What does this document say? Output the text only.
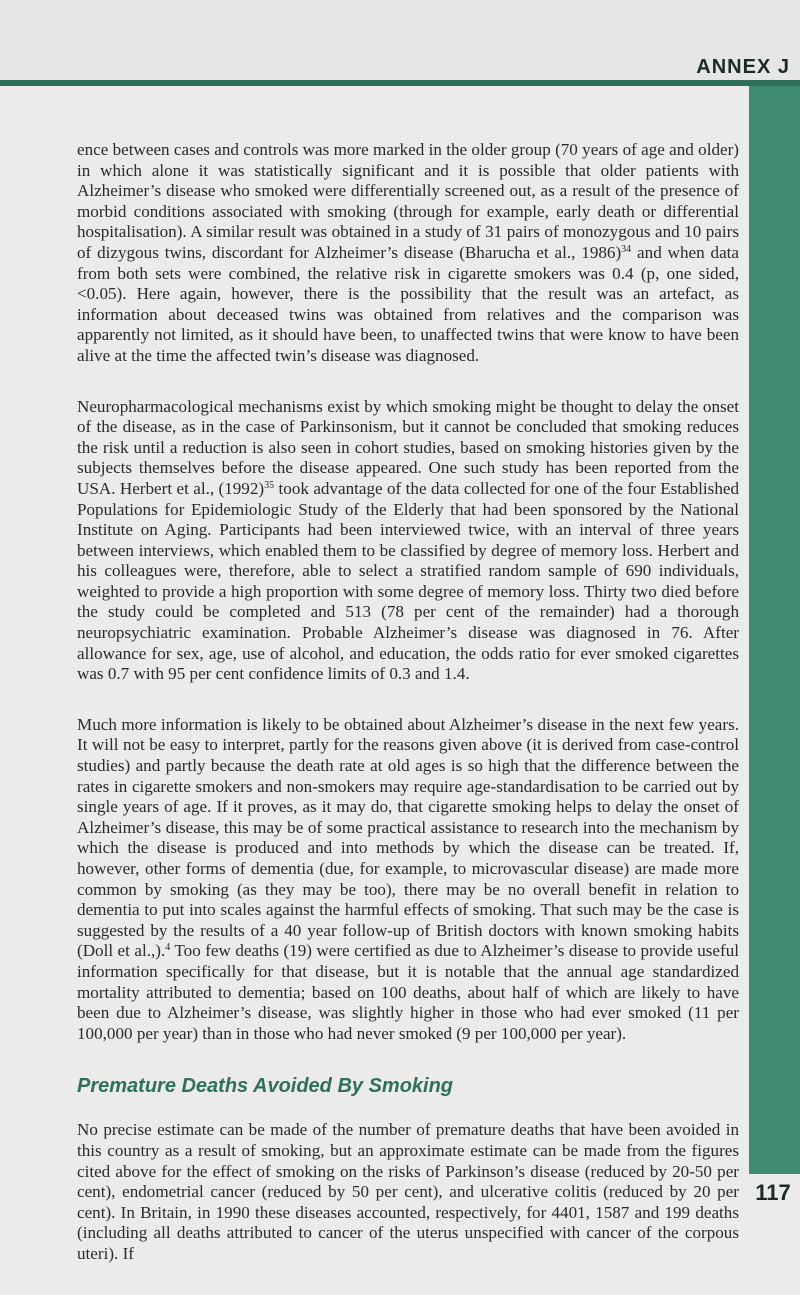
ANNEX J

ence between cases and controls was more marked in the older group (70 years of age and older) in which alone it was statistically significant and it is possible that older patients with Alzheimer’s disease who smoked were differentially screened out, as a result of the presence of morbid conditions associated with smoking (through for example, early death or differential hospitalisation). A similar result was obtained in a study of 31 pairs of monozygous and 10 pairs of dizygous twins, discordant for Alzheimer’s disease (Bharucha et al., 1986)$^{34}$ and when data from both sets were combined, the relative risk in cigarette smokers was 0.4 (p, one sided, <0.05). Here again, however, there is the possibility that the result was an artefact, as information about deceased twins was obtained from relatives and the comparison was apparently not limited, as it should have been, to unaffected twins that were know to have been alive at the time the affected twin’s disease was diagnosed.

Neuropharmacological mechanisms exist by which smoking might be thought to delay the onset of the disease, as in the case of Parkinsonism, but it cannot be concluded that smoking reduces the risk until a reduction is also seen in cohort studies, based on smoking histories given by the subjects themselves before the disease appeared. One such study has been reported from the USA. Herbert et al., $(1992)^{35}$ took advantage of the data collected for one of the four Established Populations for Epidemiologic Study of the Elderly that had been sponsored by the National Institute on Aging. Participants had been interviewed twice, with an interval of three years between interviews, which enabled them to be classified by degree of memory loss. Herbert and his colleagues were, therefore, able to select a stratified random sample of 690 individuals, weighted to provide a high proportion with some degree of memory loss. Thirty two died before the study could be completed and 513 (78 per cent of the remainder) had a thorough neuropsychiatric examination. Probable Alzheimer’s disease was diagnosed in 76. After allowance for sex, age, use of alcohol, and education, the odds ratio for ever smoked cigarettes was 0.7 with 95 per cent confidence limits of 0.3 and 1.4.

Much more information is likely to be obtained about Alzheimer’s disease in the next few years. It will not be easy to interpret, partly for the reasons given above (it is derived from case-control studies) and partly because the death rate at old ages is so high that the difference between the rates in cigarette smokers and non-smokers may require age-standardisation to be carried out by single years of age. If it proves, as it may do, that cigarette smoking helps to delay the onset of Alzheimer’s disease, this may be of some practical assistance to research into the mechanism by which the disease is produced and into methods by which the disease can be treated. If, however, other forms of dementia (due, for example, to microvascular disease) are made more common by smoking (as they may be too), there may be no overall benefit in relation to dementia to put into scales against the harmful effects of smoking. That such may be the case is suggested by the results of a 40 year follow-up of British doctors with known smoking habits (Doll et al.,).$^4$ Too few deaths (19) were certified as due to Alzheimer’s disease to provide useful information specifically for that disease, but it is notable that the annual age standardized mortality attributed to dementia; based on 100 deaths, about half of which are likely to have been due to Alzheimer’s disease, was slightly higher in those who had ever smoked (11 per 100,000 per year) than in those who had never smoked (9 per 100,000 per year).

Premature Deaths Avoided By Smoking

No precise estimate can be made of the number of premature deaths that have been avoided in this country as a result of smoking, but an approximate estimate can be made from the figures cited above for the effect of smoking on the risks of Parkinson’s disease (reduced by 20-50 per cent), endometrial cancer (reduced by 50 per cent), and ulcerative colitis (reduced by 20 per cent). In Britain, in 1990 these diseases accounted, respectively, for 4401, 1587 and 199 deaths (including all deaths attributed to cancer of the uterus unspecified with cancer of the corpous uteri). If

117
